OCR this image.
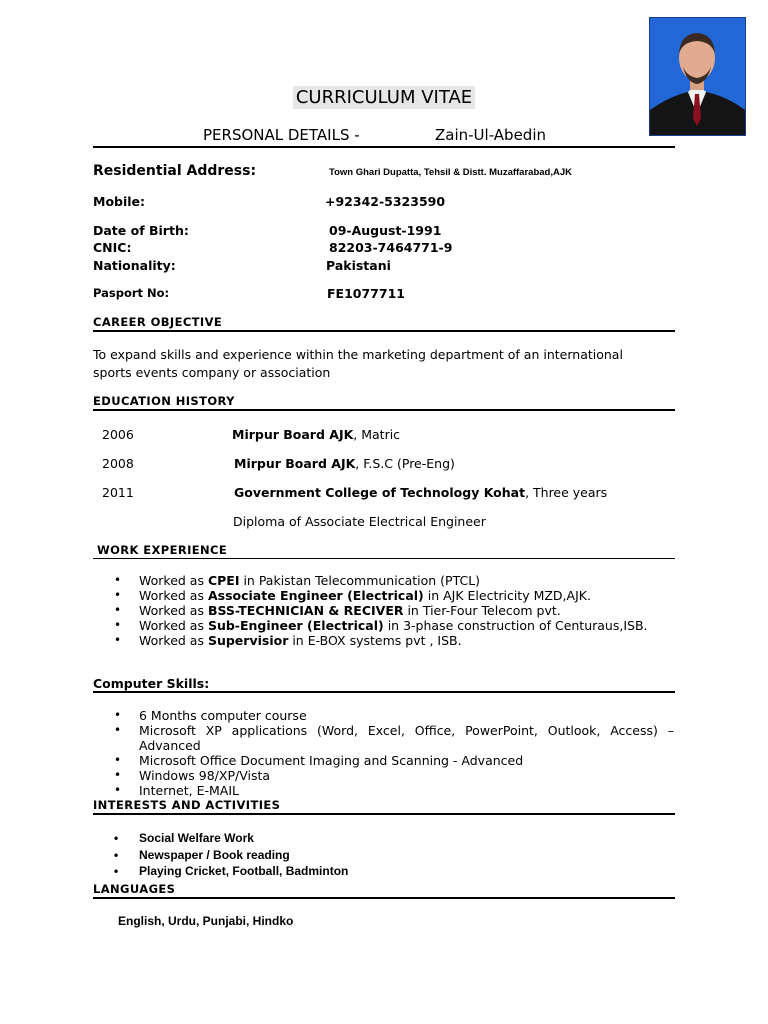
CURRICULUM VITAE
PERSONAL DETAILS -	Zain-Ul-Abedin
Residential Address:	Town Ghari Dupatta, Tehsil & Distt. Muzaffarabad,AJK
Mobile:	+92342-5323590
Date of Birth:	09-August-1991
CNIC:	82203-7464771-9
Nationality:	Pakistani
Pasport No:	FE1077711
CAREER OBJECTIVE
To expand skills and experience within the marketing department of an international
sports events company or association
EDUCATION HISTORY
2006	Mirpur Board AJK, Matric
2008	Mirpur Board AJK, F.S.C (Pre-Eng)
2011	Government College of Technology Kohat, Three years
Diploma of Associate Electrical Engineer
WORK EXPERIENCE
• Worked as CPEI in Pakistan Telecommunication (PTCL)
• Worked as Associate Engineer (Electrical) in AJK Electricity MZD,AJK.
• Worked as BSS-TECHNICIAN & RECIVER in Tier-Four Telecom pvt.
• Worked as Sub-Engineer (Electrical) in 3-phase construction of Centuraus,ISB.
• Worked as Supervisior in E-BOX systems pvt , ISB.
Computer Skills:
• 6 Months computer course
• Microsoft XP applications (Word, Excel, Office, PowerPoint, Outlook, Access) – Advanced
• Microsoft Office Document Imaging and Scanning - Advanced
• Windows 98/XP/Vista
• Internet, E-MAIL
INTERESTS AND ACTIVITIES
• Social Welfare Work
• Newspaper / Book reading
• Playing Cricket, Football, Badminton
LANGUAGES
English, Urdu, Punjabi, Hindko
